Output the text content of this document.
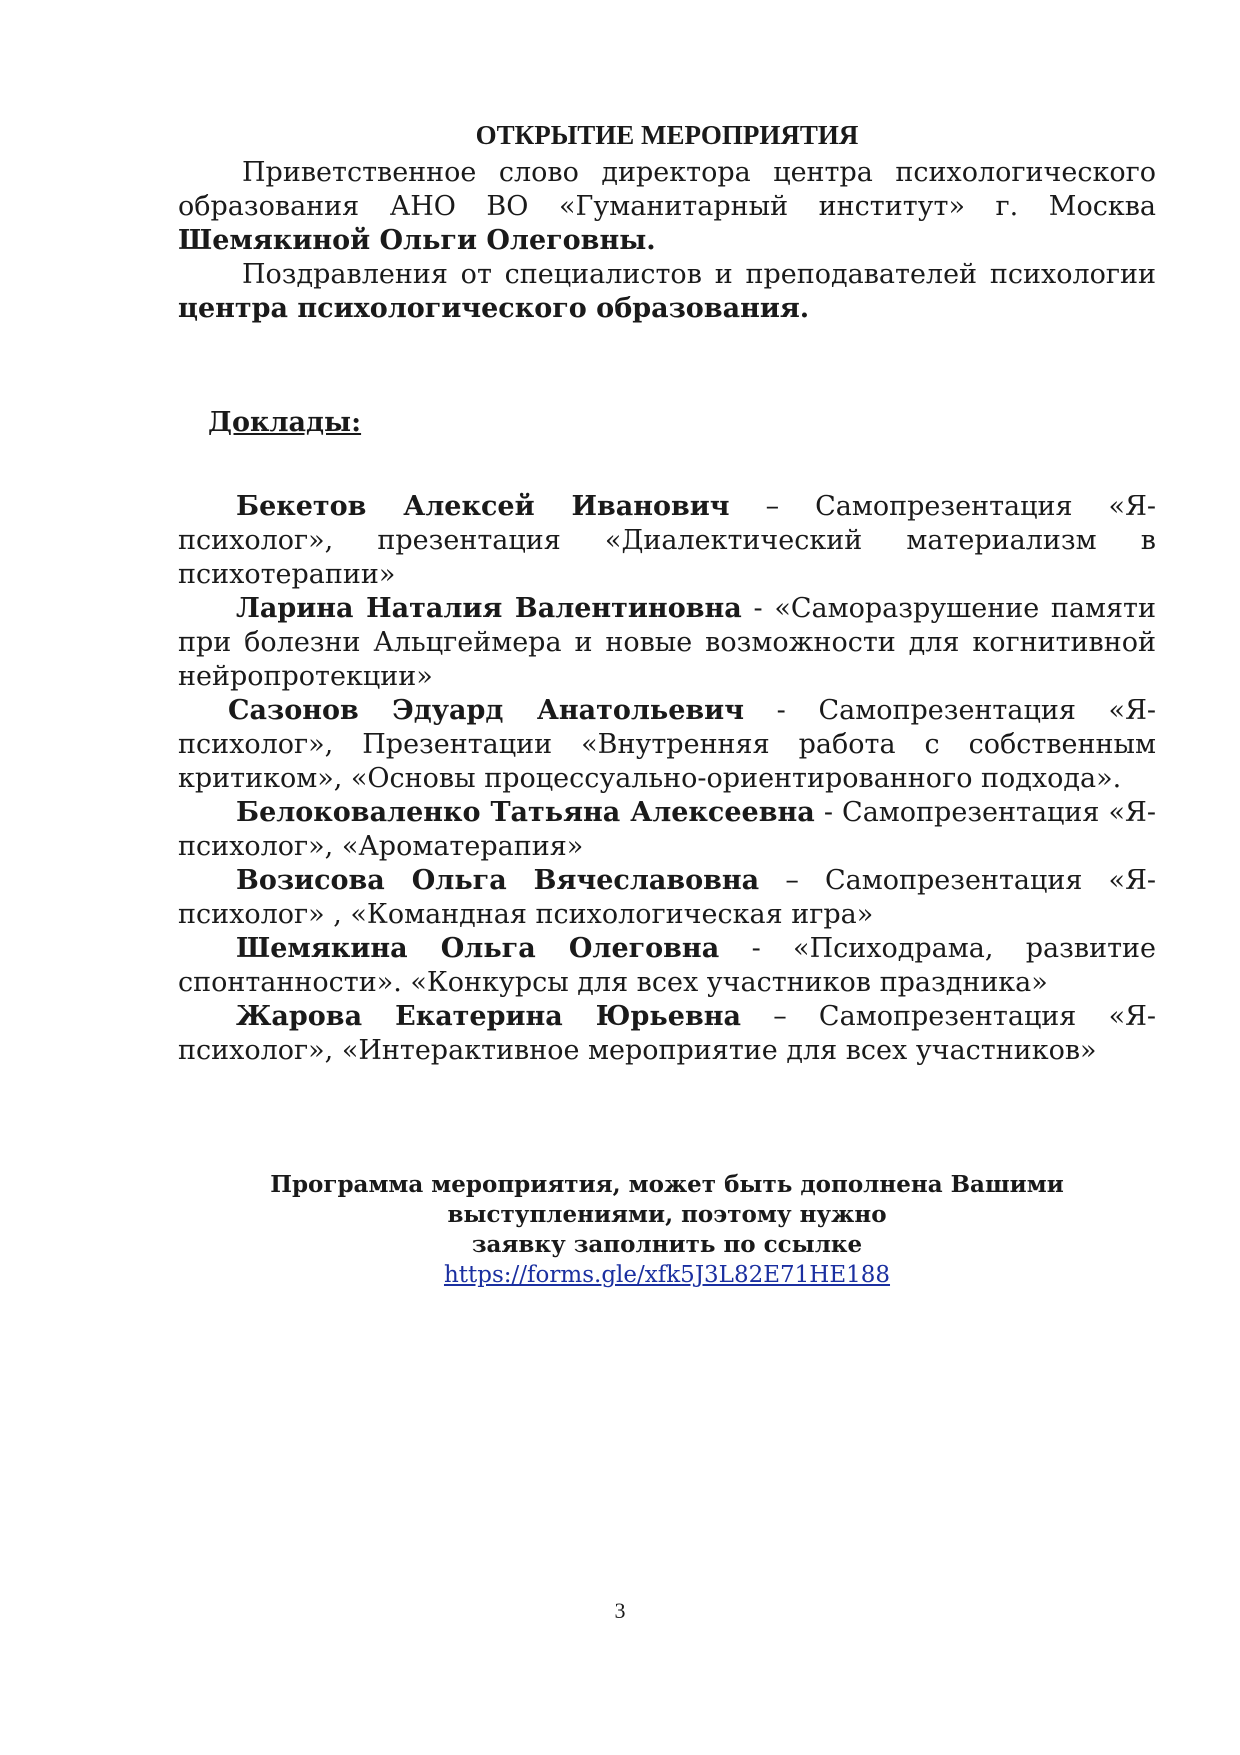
ОТКРЫТИЕ МЕРОПРИЯТИЯ

Приветственное слово директора центра психологического образования АНО ВО «Гуманитарный институт» г. Москва Шемякиной Ольги Олеговны.

Поздравления от специалистов и преподавателей психологии центра психологического образования.

Доклады:

Бекетов Алексей Иванович – Самопрезентация «Я-психолог», презентация «Диалектический материализм в психотерапии»

Ларина Наталия Валентиновна - «Саморазрушение памяти при болезни Альцгеймера и новые возможности для когнитивной нейропротекции»

Сазонов Эдуард Анатольевич - Самопрезентация «Я-психолог», Презентации «Внутренняя работа с собственным критиком», «Основы процессуально-ориентированного подхода».

Белоковаленко Татьяна Алексеевна - Самопрезентация «Я-психолог», «Ароматерапия»

Возисова Ольга Вячеславовна – Самопрезентация «Я-психолог» , «Командная психологическая игра»

Шемякина Ольга Олеговна - «Психодрама, развитие спонтанности». «Конкурсы для всех участников праздника»

Жарова Екатерина Юрьевна – Самопрезентация «Я-психолог», «Интерактивное мероприятие для всех участников»

Программа мероприятия, может быть дополнена Вашими
выступлениями, поэтому нужно
заявку заполнить по ссылке
https://forms.gle/xfk5J3L82E71HE188
3
